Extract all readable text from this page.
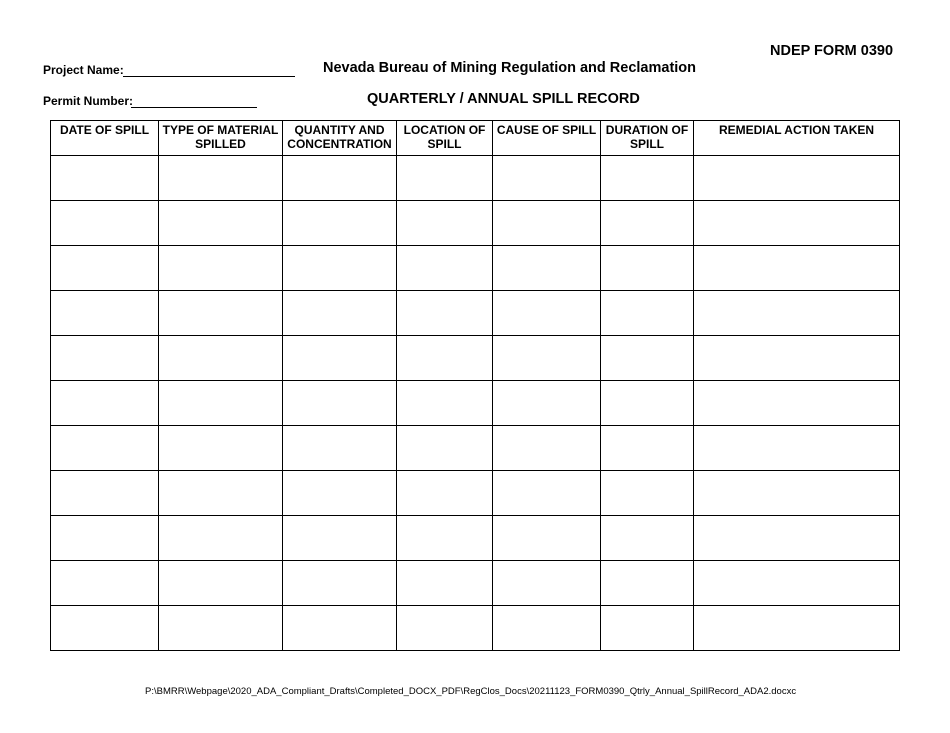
NDEP FORM 0390
Project Name:	Nevada Bureau of Mining Regulation and Reclamation
Permit Number:	QUARTERLY / ANNUAL SPILL RECORD
DATE OF SPILL	TYPE OF MATERIAL SPILLED	QUANTITY AND CONCENTRATION	LOCATION OF SPILL	CAUSE OF SPILL	DURATION OF SPILL	REMEDIAL ACTION TAKEN

P:\BMRR\Webpage\2020_ADA_Compliant_Drafts\Completed_DOCX_PDF\RegClos_Docs\20211123_FORM0390_Qtrly_Annual_SpillRecord_ADA2.docxc
